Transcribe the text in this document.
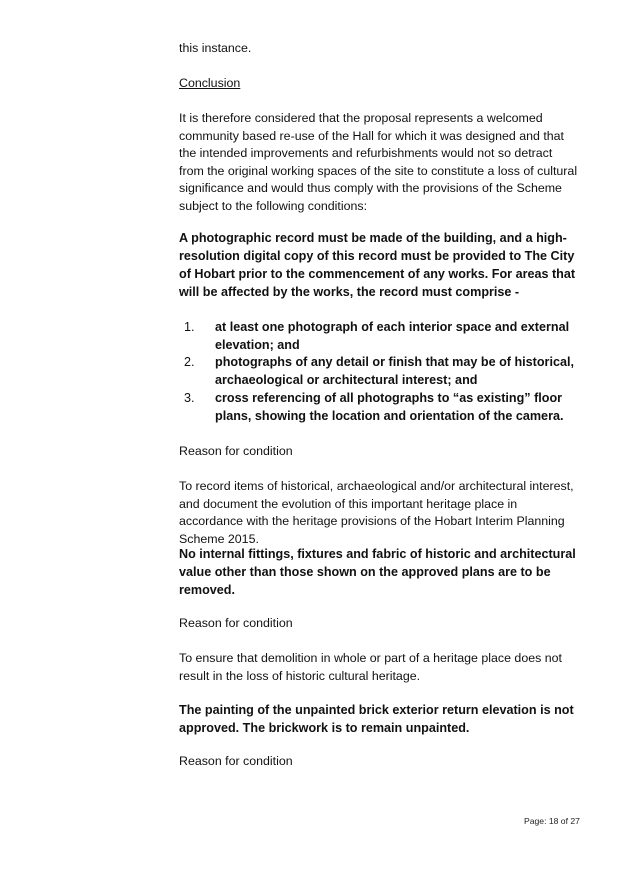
this instance.

Conclusion

It is therefore considered that the proposal represents a welcomed community based re-use of the Hall for which it was designed and that the intended improvements and refurbishments would not so detract from the original working spaces of the site to constitute a loss of cultural significance and would thus comply with the provisions of the Scheme subject to the following conditions:

A photographic record must be made of the building, and a high-resolution digital copy of this record must be provided to The City of Hobart prior to the commencement of any works. For areas that will be affected by the works, the record must comprise -

1. at least one photograph of each interior space and external elevation; and
2. photographs of any detail or finish that may be of historical, archaeological or architectural interest; and
3. cross referencing of all photographs to “as existing” floor plans, showing the location and orientation of the camera.

Reason for condition

To record items of historical, archaeological and/or architectural interest, and document the evolution of this important heritage place in accordance with the heritage provisions of the Hobart Interim Planning Scheme 2015.

No internal fittings, fixtures and fabric of historic and architectural value other than those shown on the approved plans are to be removed.

Reason for condition

To ensure that demolition in whole or part of a heritage place does not result in the loss of historic cultural heritage.

The painting of the unpainted brick exterior return elevation is not approved. The brickwork is to remain unpainted.

Reason for condition

Page: 18 of 27
